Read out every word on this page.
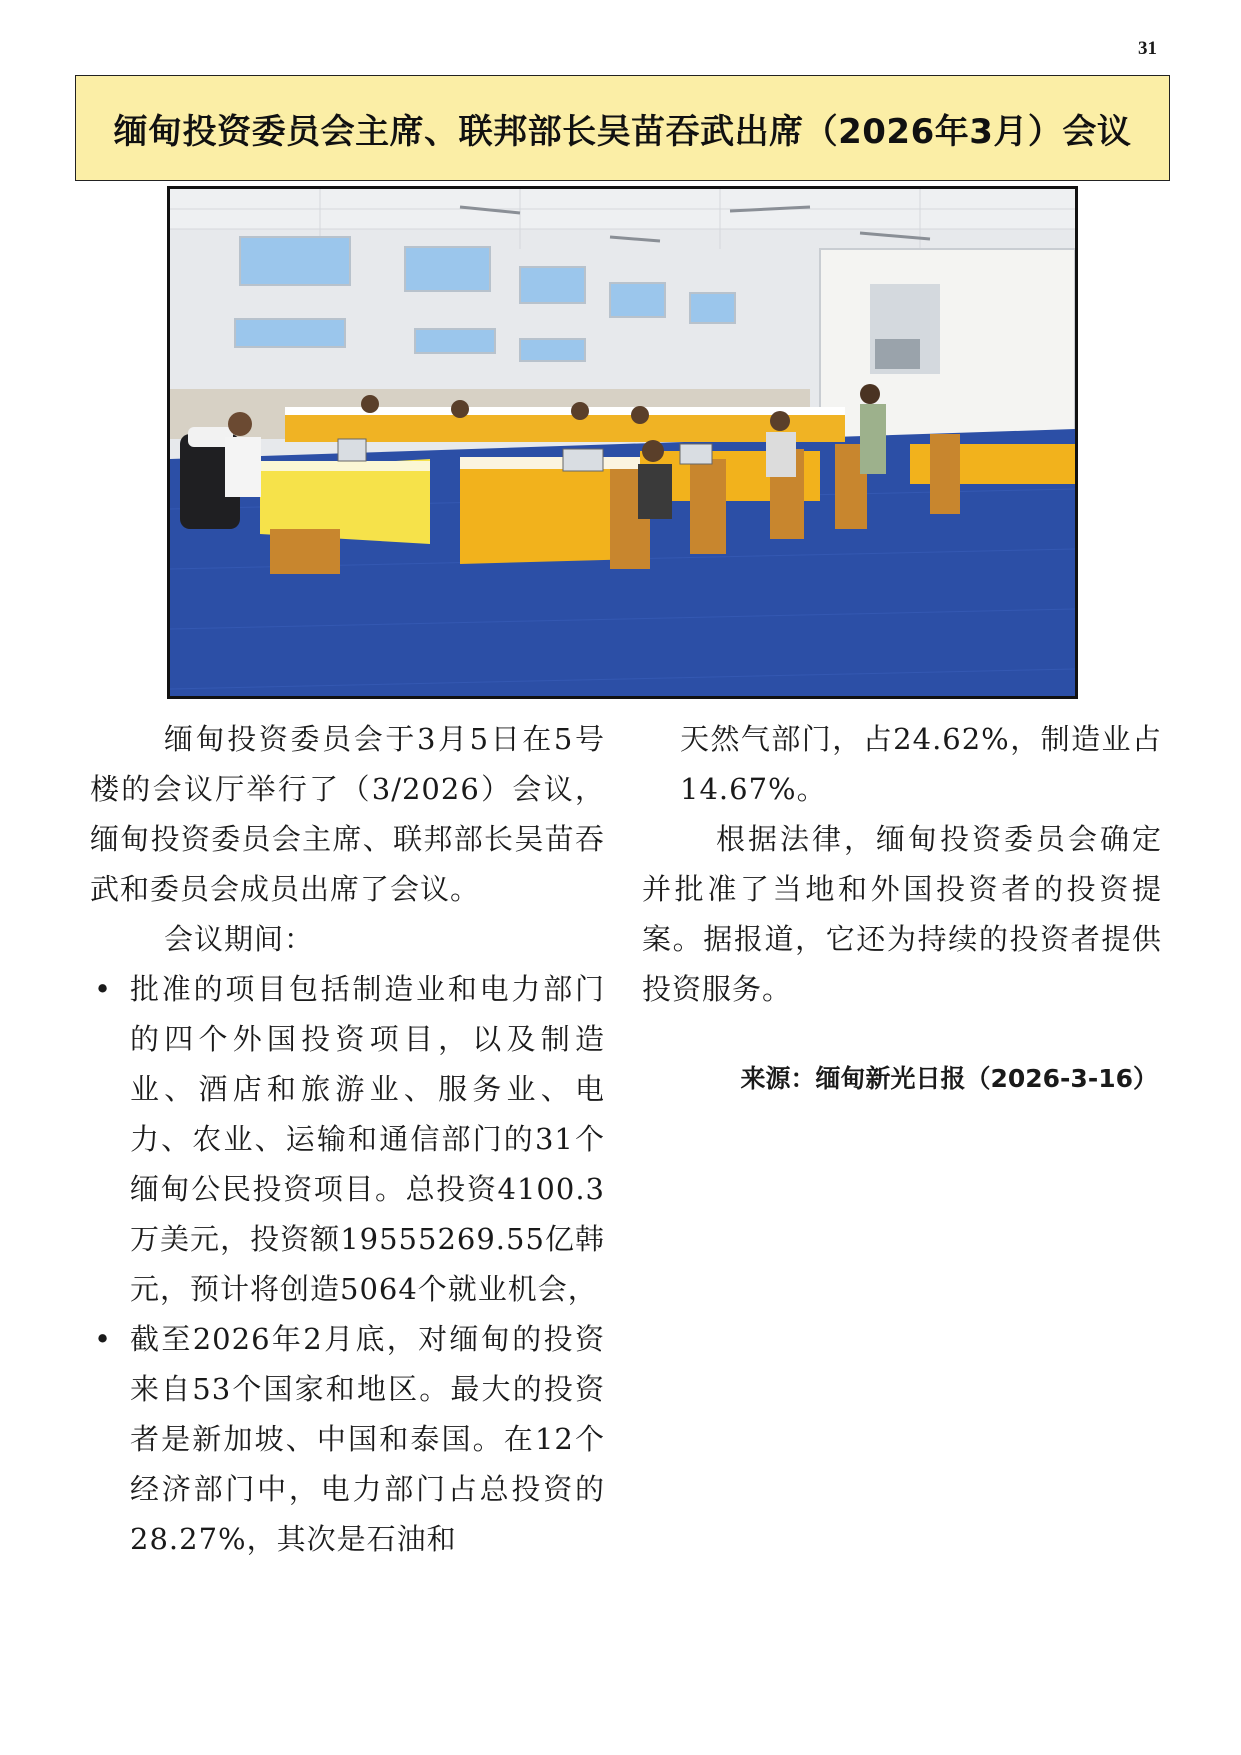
31
缅甸投资委员会主席、联邦部长吴苗吞武出席（2026年3月）会议

缅甸投资委员会于3月5日在5号楼的会议厅举行了（3/2026）会议，缅甸投资委员会主席、联邦部长吴苗吞武和委员会成员出席了会议。

会议期间：

• 批准的项目包括制造业和电力部门的四个外国投资项目，以及制造业、酒店和旅游业、服务业、电力、农业、运输和通信部门的31个缅甸公民投资项目。总投资4100.3万美元，投资额19555269.55亿韩元，预计将创造5064个就业机会，

• 截至2026年2月底，对缅甸的投资来自53个国家和地区。最大的投资者是新加坡、中国和泰国。在12个经济部门中，电力部门占总投资的28.27%，其次是石油和

天然气部门，占24.62%，制造业占14.67%。

根据法律，缅甸投资委员会确定并批准了当地和外国投资者的投资提案。据报道，它还为持续的投资者提供投资服务。

来源：缅甸新光日报（2026-3-16）
